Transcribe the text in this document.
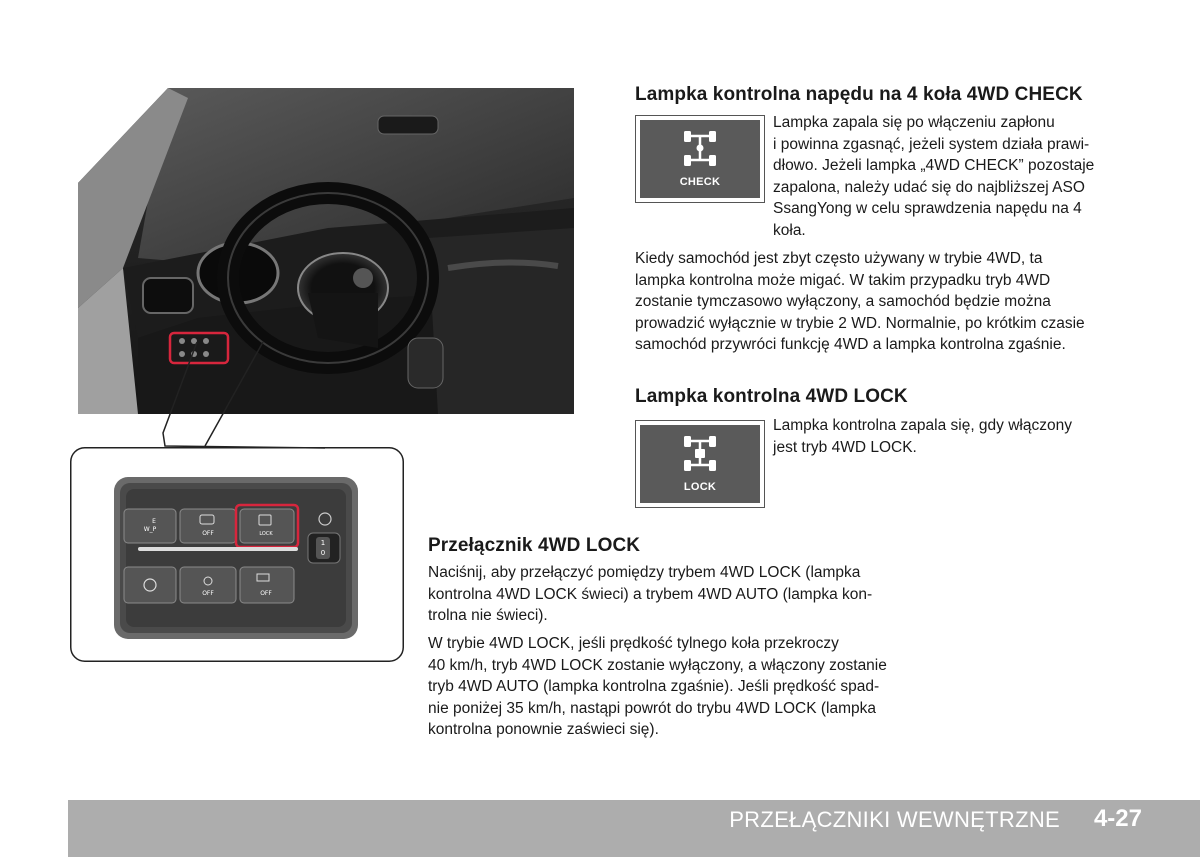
W_P
E
OFF	LOCK
1
0
OFF	OFF
Lampka kontrolna napędu na 4 koła 4WD CHECK
CHECK
Lampka zapala się po włączeniu zapłonu
i powinna zgasnąć, jeżeli system działa prawi-
dłowo. Jeżeli lampka „4WD CHECK” pozostaje
zapalona, należy udać się do najbliższej ASO
SsangYong w celu sprawdzenia napędu na 4
koła.
Kiedy samochód jest zbyt często używany w trybie 4WD, ta
lampka kontrolna może migać. W takim przypadku tryb 4WD
zostanie tymczasowo wyłączony, a samochód będzie można
prowadzić wyłącznie w trybie 2 WD. Normalnie, po krótkim czasie
samochód przywróci funkcję 4WD a lampka kontrolna zgaśnie.
Lampka kontrolna 4WD LOCK
LOCK
Lampka kontrolna zapala się, gdy włączony
jest tryb 4WD LOCK.
Przełącznik 4WD LOCK
Naciśnij, aby przełączyć pomiędzy trybem 4WD LOCK (lampka
kontrolna 4WD LOCK świeci) a trybem 4WD AUTO (lampka kon-
trolna nie świeci).
W trybie 4WD LOCK, jeśli prędkość tylnego koła przekroczy
40 km/h, tryb 4WD LOCK zostanie wyłączony, a włączony zostanie
tryb 4WD AUTO (lampka kontrolna zgaśnie). Jeśli prędkość spad-
nie poniżej 35 km/h, nastąpi powrót do trybu 4WD LOCK (lampka
kontrolna ponownie zaświeci się).
PRZEŁĄCZNIKI WEWNĘTRZNE 4-27
